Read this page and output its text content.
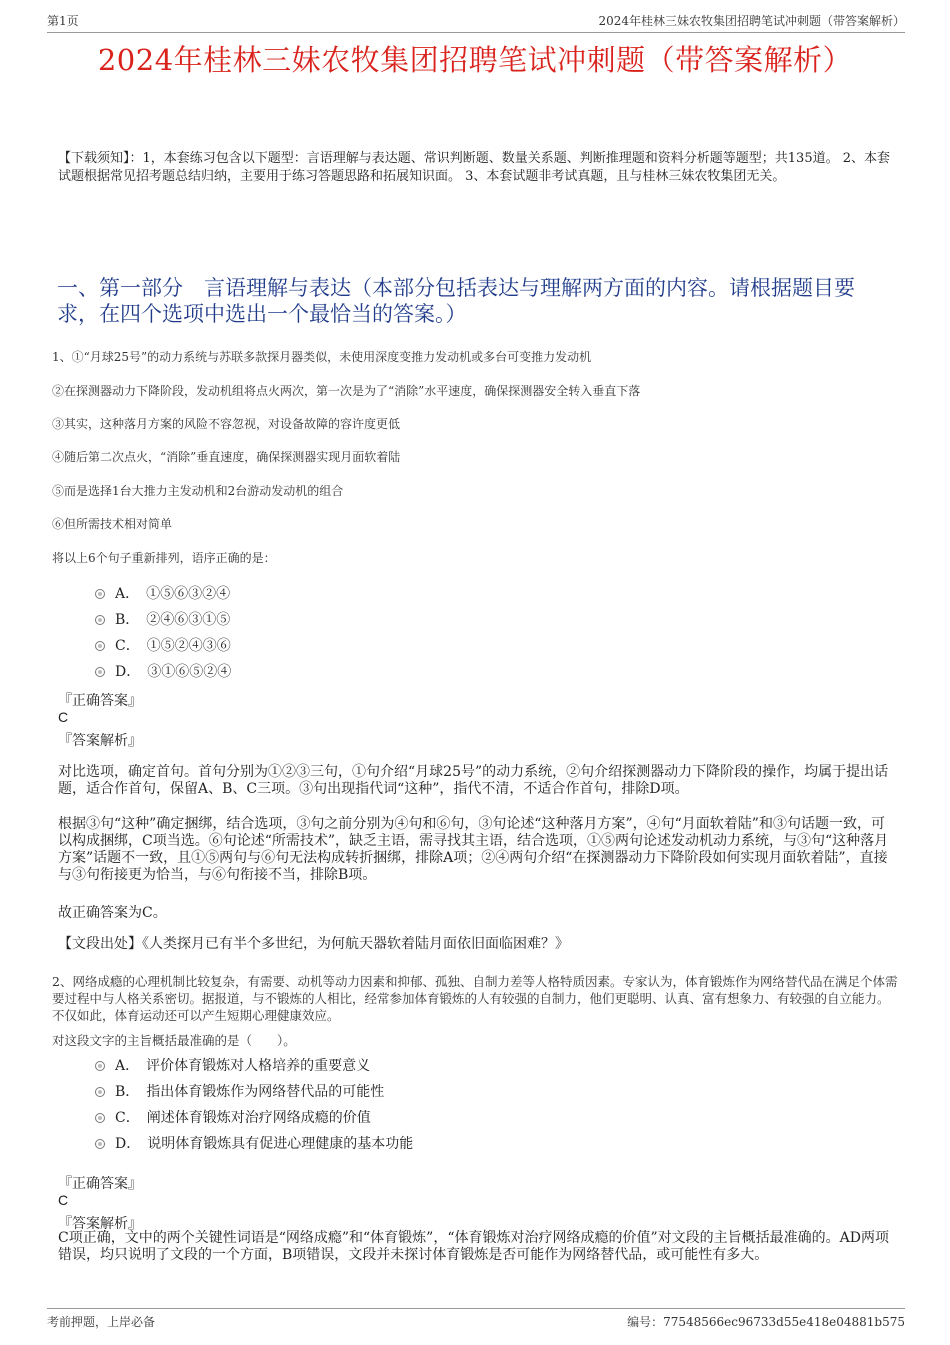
第1页	2024年桂林三妹农牧集团招聘笔试冲刺题（带答案解析）
2024年桂林三妹农牧集团招聘笔试冲刺题（带答案解析）
【下载须知】：1，本套练习包含以下题型：言语理解与表达题、常识判断题、数量关系题、判断推理题和资料分析题等题型；共135道。 2、本套试题根据常见招考题总结归纳，主要用于练习答题思路和拓展知识面。 3、本套试题非考试真题，且与桂林三妹农牧集团无关。
一、第一部分　言语理解与表达（本部分包括表达与理解两方面的内容。请根据题目要求，在四个选项中选出一个最恰当的答案。）
1、①“月球25号”的动力系统与苏联多款探月器类似，未使用深度变推力发动机或多台可变推力发动机
②在探测器动力下降阶段，发动机组将点火两次，第一次是为了“消除”水平速度，确保探测器安全转入垂直下落
③其实，这种落月方案的风险不容忽视，对设备故障的容许度更低
④随后第二次点火，“消除”垂直速度，确保探测器实现月面软着陆
⑤而是选择1台大推力主发动机和2台游动发动机的组合
⑥但所需技术相对简单
将以上6个句子重新排列，语序正确的是：
A．　①⑤⑥③②④
B．　②④⑥③①⑤
C．　①⑤②④③⑥
D．　③①⑥⑤②④
『正确答案』
C
『答案解析』
对比选项，确定首句。首句分别为①②③三句，①句介绍“月球25号”的动力系统，②句介绍探测器动力下降阶段的操作，均属于提出话题，适合作首句，保留A、B、C三项。③句出现指代词“这种”，指代不清，不适合作首句，排除D项。
根据③句“这种”确定捆绑，结合选项，③句之前分别为④句和⑥句，③句论述“这种落月方案”，④句“月面软着陆”和③句话题一致，可以构成捆绑，C项当选。⑥句论述“所需技术”，缺乏主语，需寻找其主语，结合选项，①⑤两句论述发动机动力系统，与③句“这种落月方案”话题不一致，且①⑤两句与⑥句无法构成转折捆绑，排除A项；②④两句介绍“在探测器动力下降阶段如何实现月面软着陆”，直接与③句衔接更为恰当，与⑥句衔接不当，排除B项。
故正确答案为C。
【文段出处】《人类探月已有半个多世纪，为何航天器软着陆月面依旧面临困难？》
2、网络成瘾的心理机制比较复杂，有需要、动机等动力因素和抑郁、孤独、自制力差等人格特质因素。专家认为，体育锻炼作为网络替代品在满足个体需要过程中与人格关系密切。据报道，与不锻炼的人相比，经常参加体育锻炼的人有较强的自制力，他们更聪明、认真、富有想象力、有较强的自立能力。不仅如此，体育运动还可以产生短期心理健康效应。
对这段文字的主旨概括最准确的是（　　）。
A．　评价体育锻炼对人格培养的重要意义
B．　指出体育锻炼作为网络替代品的可能性
C．　阐述体育锻炼对治疗网络成瘾的价值
D．　说明体育锻炼具有促进心理健康的基本功能
『正确答案』
C
『答案解析』
C项正确，文中的两个关键性词语是“网络成瘾”和“体育锻炼”，“体育锻炼对治疗网络成瘾的价值”对文段的主旨概括最准确的。AD两项错误，均只说明了文段的一个方面，B项错误，文段并未探讨体育锻炼是否可能作为网络替代品，或可能性有多大。
考前押题，上岸必备	编号：77548566ec96733d55e418e04881b575
